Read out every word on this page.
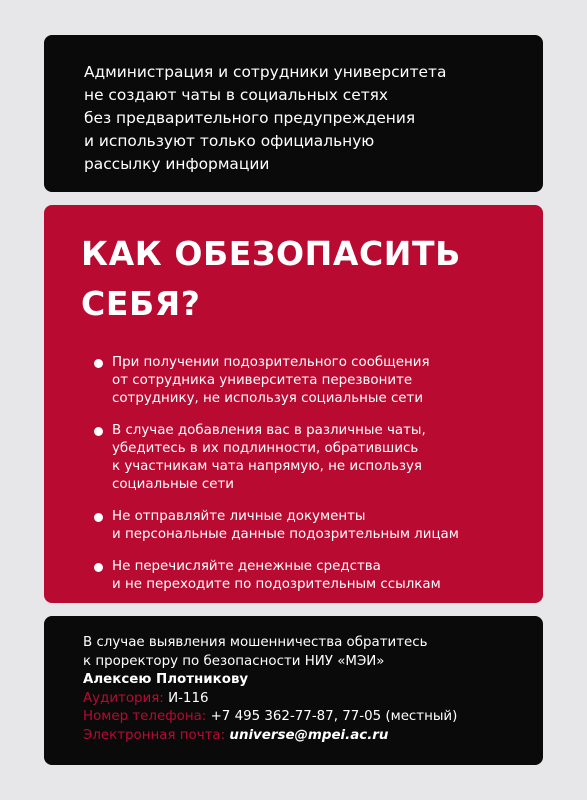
Администрация и сотрудники университета
не создают чаты в социальных сетях
без предварительного предупреждения
и используют только официальную
рассылку информации
КАК ОБЕЗОПАСИТЬ
СЕБЯ?
При получении подозрительного сообщения
от сотрудника университета перезвоните
сотруднику, не используя социальные сети
В случае добавления вас в различные чаты,
убедитесь в их подлинности, обратившись
к участникам чата напрямую, не используя
социальные сети
Не отправляйте личные документы
и персональные данные подозрительным лицам
Не перечисляйте денежные средства
и не переходите по подозрительным ссылкам
В случае выявления мошенничества обратитесь
к проректору по безопасности НИУ «МЭИ»
Алексею Плотникову
Аудитория: И-116
Номер телефона: +7 495 362-77-87, 77-05 (местный)
Электронная почта: universe@mpei.ac.ru
